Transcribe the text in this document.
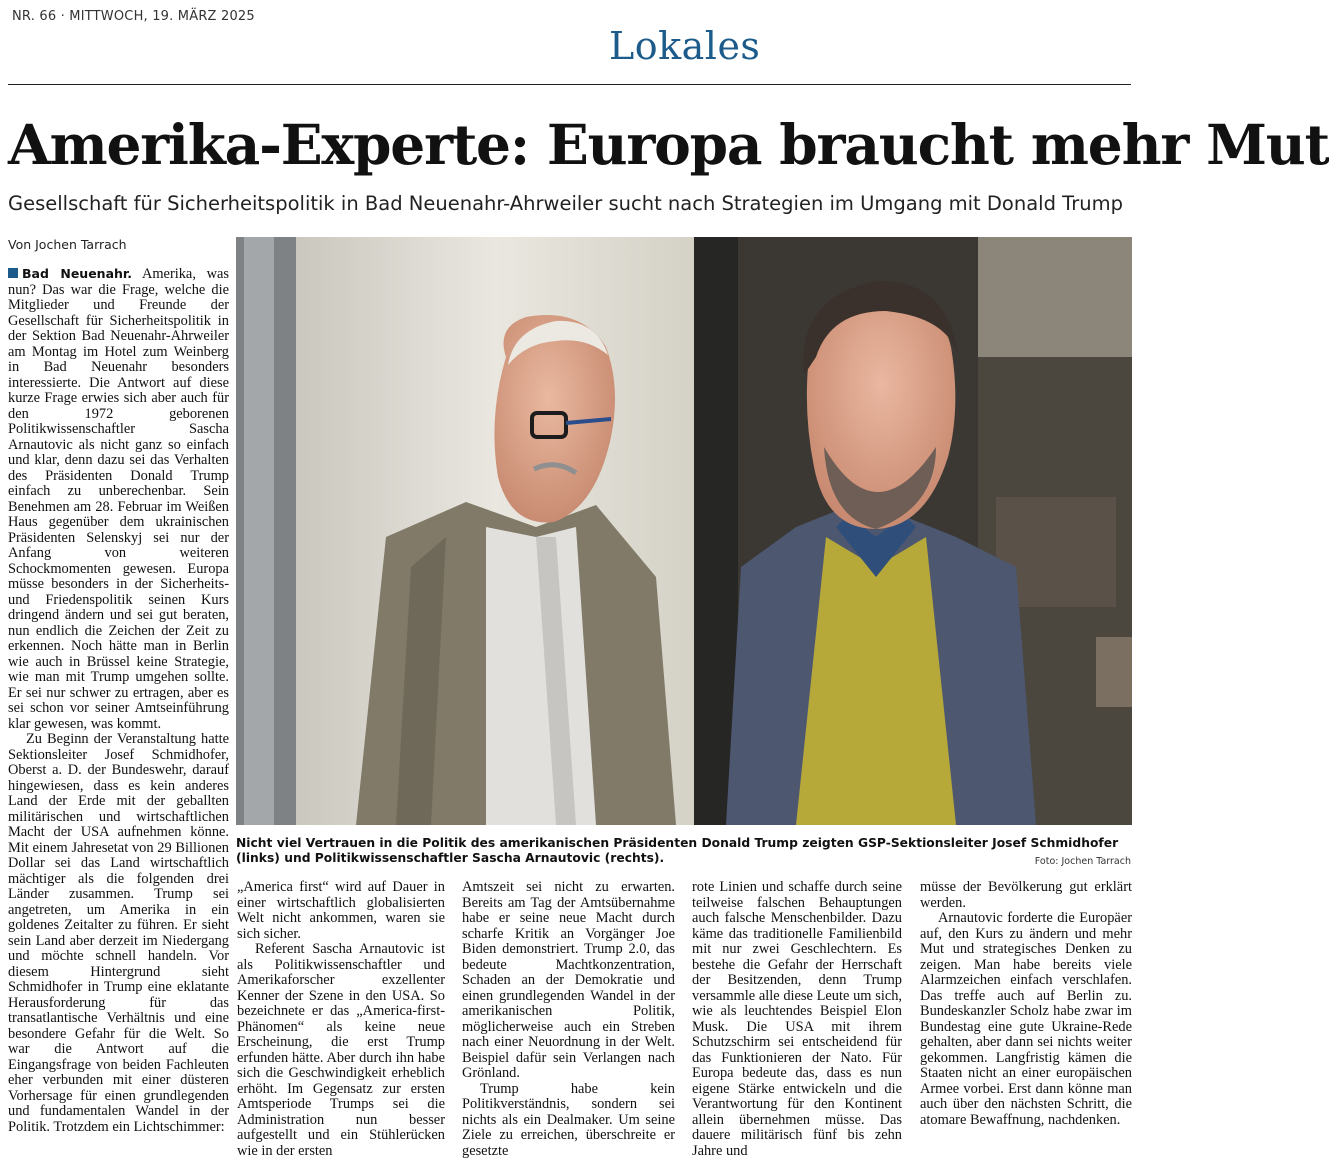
NR. 66 · MITTWOCH, 19. MÄRZ 2025
Lokales
Amerika-Experte: Europa braucht mehr Mut
Gesellschaft für Sicherheitspolitik in Bad Neuenahr-Ahrweiler sucht nach Strategien im Umgang mit Donald Trump
Von Jochen Tarrach

Bad Neuenahr. Amerika, was nun? Das war die Frage, welche die Mitglieder und Freunde der Gesellschaft für Sicherheitspolitik in der Sektion Bad Neuenahr-Ahrweiler am Montag im Hotel zum Weinberg in Bad Neuenahr besonders interessierte. Die Antwort auf diese kurze Frage erwies sich aber auch für den 1972 geborenen Politikwissenschaftler Sascha Arnautovic als nicht ganz so einfach und klar, denn dazu sei das Verhalten des Präsidenten Donald Trump einfach zu unberechenbar. Sein Benehmen am 28. Februar im Weißen Haus gegenüber dem ukrainischen Präsidenten Selenskyj sei nur der Anfang von weiteren Schockmomenten gewesen. Europa müsse besonders in der Sicherheits- und Friedenspolitik seinen Kurs dringend ändern und sei gut beraten, nun endlich die Zeichen der Zeit zu erkennen. Noch hätte man in Berlin wie auch in Brüssel keine Strategie, wie man mit Trump umgehen sollte. Er sei nur schwer zu ertragen, aber es sei schon vor seiner Amtseinführung klar gewesen, was kommt.

Zu Beginn der Veranstaltung hatte Sektionsleiter Josef Schmidhofer, Oberst a. D. der Bundeswehr, darauf hingewiesen, dass es kein anderes Land der Erde mit der geballten militärischen und wirtschaftlichen Macht der USA aufnehmen könne. Mit einem Jahresetat von 29 Billionen Dollar sei das Land wirtschaftlich mächtiger als die folgenden drei Länder zusammen. Trump sei angetreten, um Amerika in ein goldenes Zeitalter zu führen. Er sieht sein Land aber derzeit im Niedergang und möchte schnell handeln. Vor diesem Hintergrund sieht Schmidhofer in Trump eine eklatante Herausforderung für das transatlantische Verhältnis und eine besondere Gefahr für die Welt. So war die Antwort auf die Eingangsfrage von beiden Fachleuten eher verbunden mit einer düsteren Vorhersage für einen grundlegenden und fundamentalen Wandel in der Politik. Trotzdem ein Lichtschimmer:

Nicht viel Vertrauen in die Politik des amerikanischen Präsidenten Donald Trump zeigten GSP-Sektionsleiter Josef Schmidhofer (links) und Politikwissenschaftler Sascha Arnautovic (rechts).	Foto: Jochen Tarrach

„America first“ wird auf Dauer in einer wirtschaftlich globalisierten Welt nicht ankommen, waren sie sich sicher.

Referent Sascha Arnautovic ist als Politikwissenschaftler und Amerikaforscher exzellenter Kenner der Szene in den USA. So bezeichnete er das „America-first-Phänomen“ als keine neue Erscheinung, die erst Trump erfunden hätte. Aber durch ihn habe sich die Geschwindigkeit erheblich erhöht. Im Gegensatz zur ersten Amtsperiode Trumps sei die Administration nun besser aufgestellt und ein Stühlerücken wie in der ersten

Amtszeit sei nicht zu erwarten. Bereits am Tag der Amtsübernahme habe er seine neue Macht durch scharfe Kritik an Vorgänger Joe Biden demonstriert. Trump 2.0, das bedeute Machtkonzentration, Schaden an der Demokratie und einen grundlegenden Wandel in der amerikanischen Politik, möglicherweise auch ein Streben nach einer Neuordnung in der Welt. Beispiel dafür sein Verlangen nach Grönland.

Trump habe kein Politikverständnis, sondern sei nichts als ein Dealmaker. Um seine Ziele zu erreichen, überschreite er gesetzte

rote Linien und schaffe durch seine teilweise falschen Behauptungen auch falsche Menschenbilder. Dazu käme das traditionelle Familienbild mit nur zwei Geschlechtern. Es bestehe die Gefahr der Herrschaft der Besitzenden, denn Trump versammle alle diese Leute um sich, wie als leuchtendes Beispiel Elon Musk. Die USA mit ihrem Schutzschirm sei entscheidend für das Funktionieren der Nato. Für Europa bedeute das, dass es nun eigene Stärke entwickeln und die Verantwortung für den Kontinent allein übernehmen müsse. Das dauere militärisch fünf bis zehn Jahre und

müsse der Bevölkerung gut erklärt werden.

Arnautovic forderte die Europäer auf, den Kurs zu ändern und mehr Mut und strategisches Denken zu zeigen. Man habe bereits viele Alarmzeichen einfach verschlafen. Das treffe auch auf Berlin zu. Bundeskanzler Scholz habe zwar im Bundestag eine gute Ukraine-Rede gehalten, aber dann sei nichts weiter gekommen. Langfristig kämen die Staaten nicht an einer europäischen Armee vorbei. Erst dann könne man auch über den nächsten Schritt, die atomare Bewaffnung, nachdenken.
